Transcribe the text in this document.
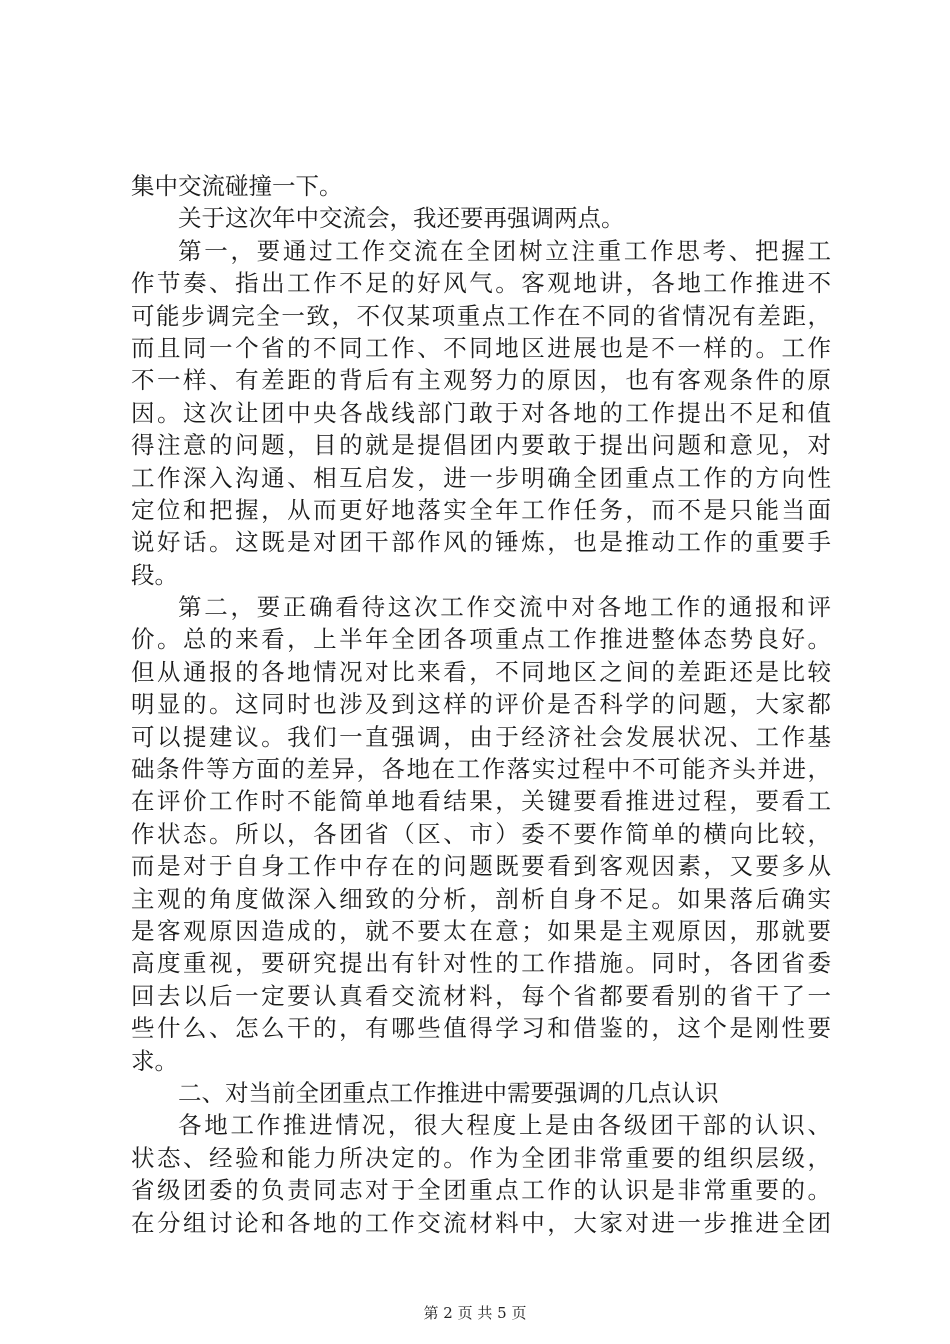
集中交流碰撞一下。
关于这次年中交流会，我还要再强调两点。
第一，要通过工作交流在全团树立注重工作思考、把握工
作节奏、指出工作不足的好风气。客观地讲，各地工作推进不
可能步调完全一致，不仅某项重点工作在不同的省情况有差距，
而且同一个省的不同工作、不同地区进展也是不一样的。工作
不一样、有差距的背后有主观努力的原因，也有客观条件的原
因。这次让团中央各战线部门敢于对各地的工作提出不足和值
得注意的问题，目的就是提倡团内要敢于提出问题和意见，对
工作深入沟通、相互启发，进一步明确全团重点工作的方向性
定位和把握，从而更好地落实全年工作任务，而不是只能当面
说好话。这既是对团干部作风的锤炼，也是推动工作的重要手
段。
第二，要正确看待这次工作交流中对各地工作的通报和评
价。总的来看，上半年全团各项重点工作推进整体态势良好。
但从通报的各地情况对比来看，不同地区之间的差距还是比较
明显的。这同时也涉及到这样的评价是否科学的问题，大家都
可以提建议。我们一直强调，由于经济社会发展状况、工作基
础条件等方面的差异，各地在工作落实过程中不可能齐头并进，
在评价工作时不能简单地看结果，关键要看推进过程，要看工
作状态。所以，各团省（区、市）委不要作简单的横向比较，
而是对于自身工作中存在的问题既要看到客观因素，又要多从
主观的角度做深入细致的分析，剖析自身不足。如果落后确实
是客观原因造成的，就不要太在意；如果是主观原因，那就要
高度重视，要研究提出有针对性的工作措施。同时，各团省委
回去以后一定要认真看交流材料，每个省都要看别的省干了一
些什么、怎么干的，有哪些值得学习和借鉴的，这个是刚性要
求。
二、对当前全团重点工作推进中需要强调的几点认识
各地工作推进情况，很大程度上是由各级团干部的认识、
状态、经验和能力所决定的。作为全团非常重要的组织层级，
省级团委的负责同志对于全团重点工作的认识是非常重要的。
在分组讨论和各地的工作交流材料中，大家对进一步推进全团
第 2 页 共 5 页
